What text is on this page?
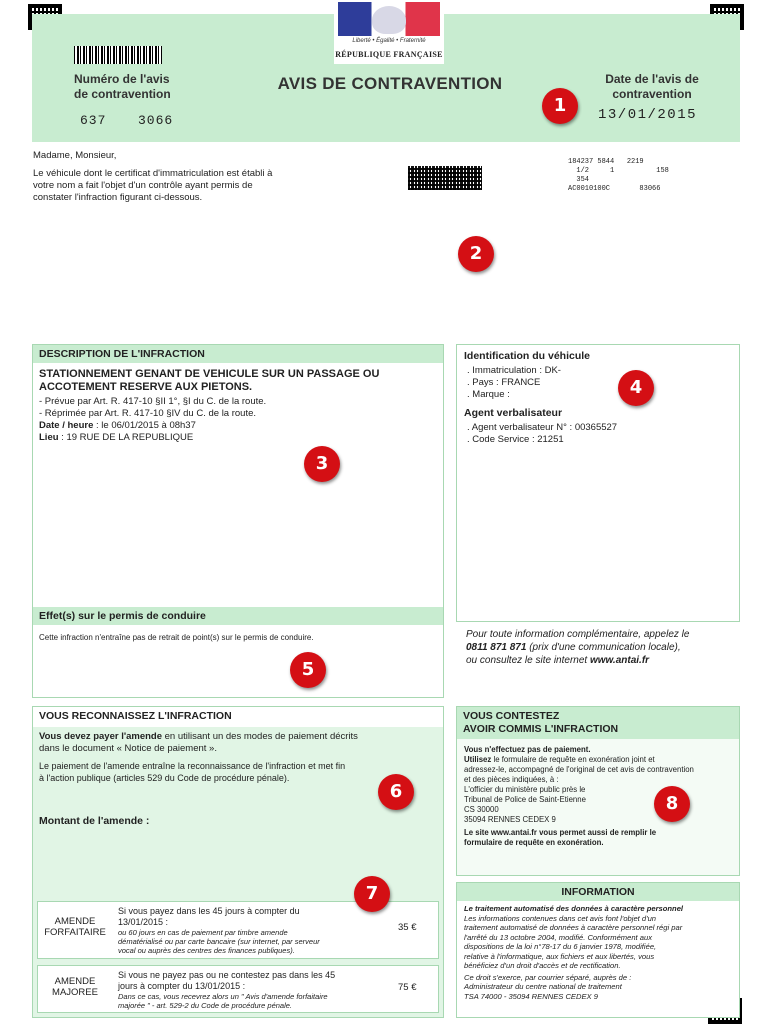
Liberté • Égalité • Fraternité
RÉPUBLIQUE FRANÇAISE
Numéro de l'avis
de contravention
637 3066
AVIS DE CONTRAVENTION	Date de l'avis de
contravention
13/01/2015
Madame, Monsieur,
Le véhicule dont le certificat d'immatriculation est établi à
votre nom a fait l'objet d'un contrôle ayant permis de
constater l'infraction figurant ci-dessous.
184237 5844 2219
1/2	1	158
354
AC0010100C	83066
DESCRIPTION DE L'INFRACTION
STATIONNEMENT GENANT DE VEHICULE SUR UN PASSAGE OU
ACCOTEMENT RESERVE AUX PIETONS.
- Prévue par Art. R. 417-10 §II 1°, §I du C. de la route.
- Réprimée par Art. R. 417-10 §IV du C. de la route.
Date / heure : le 06/01/2015 à 08h37
Lieu : 19 RUE DE LA REPUBLIQUE
Effet(s) sur le permis de conduire
Cette infraction n'entraîne pas de retrait de point(s) sur le permis de conduire.
Identification du véhicule
. Immatriculation : DK-
. Pays : FRANCE
. Marque :
Agent verbalisateur
. Agent verbalisateur N° : 00365527
. Code Service : 21251
Pour toute information complémentaire, appelez le
0811 871 871 (prix d'une communication locale),
ou consultez le site internet www.antai.fr
VOUS RECONNAISSEZ L'INFRACTION
Vous devez payer l'amende en utilisant un des modes de paiement décrits
dans le document « Notice de paiement ».
Le paiement de l'amende entraîne la reconnaissance de l'infraction et met fin
à l'action publique (articles 529 du Code de procédure pénale).
Montant de l'amende :
AMENDE
FORFAITAIRE
Si vous payez dans les 45 jours à compter du
13/01/2015 :
ou 60 jours en cas de paiement par timbre amende
dématérialisé ou par carte bancaire (sur internet, par serveur
vocal ou auprès des centres des finances publiques).
35 €
AMENDE
MAJOREE
Si vous ne payez pas ou ne contestez pas dans les 45
jours à compter du 13/01/2015 :
Dans ce cas, vous recevrez alors un " Avis d'amende forfaitaire
majorée " - art. 529-2 du Code de procédure pénale.
75 €
VOUS CONTESTEZ
AVOIR COMMIS L'INFRACTION
Vous n'effectuez pas de paiement.
Utilisez le formulaire de requête en exonération joint et
adressez-le, accompagné de l'original de cet avis de contravention
et des pièces indiquées, à :
L'officier du ministère public près le
Tribunal de Police de Saint-Etienne
CS 30000
35094 RENNES CEDEX 9
Le site www.antai.fr vous permet aussi de remplir le
formulaire de requête en exonération.
INFORMATION
Le traitement automatisé des données à caractère personnel
Les informations contenues dans cet avis font l'objet d'un
traitement automatisé de données à caractère personnel régi par
l'arrêté du 13 octobre 2004, modifié. Conformément aux
dispositions de la loi n°78-17 du 6 janvier 1978, modifiée,
relative à l'informatique, aux fichiers et aux libertés, vous
bénéficiez d'un droit d'accès et de rectification.
Ce droit s'exerce, par courrier séparé, auprès de :
Administrateur du centre national de traitement
TSA 74000 - 35094 RENNES CEDEX 9
1
2
3
4
5
6
7
8
